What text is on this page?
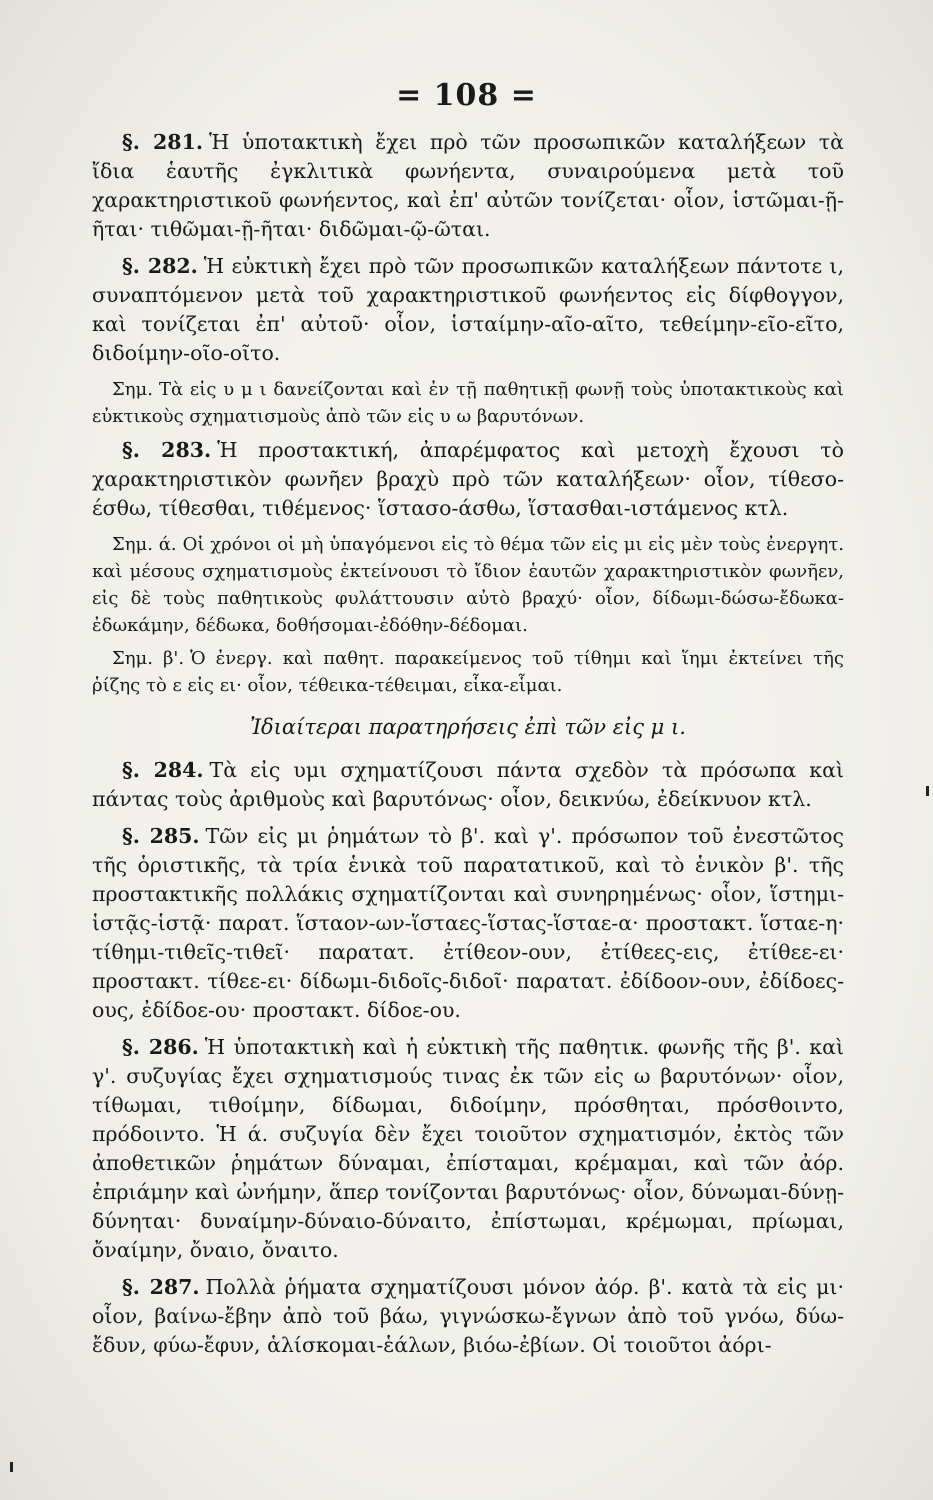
= 108 =

§. 281. Ἡ ὑποτακτικὴ ἔχει πρὸ τῶν προσωπικῶν καταλήξεων τὰ ἴδια ἑαυτῆς ἐγκλιτικὰ φωνήεντα, συναιρούμενα μετὰ τοῦ χαρακτηριστικοῦ φωνήεντος, καὶ ἐπ' αὐτῶν τονίζεται· οἷον, ἱστῶμαι-ῇ-ῆται· τιθῶμαι-ῇ-ῆται· διδῶμαι-ῷ-ῶται.

§. 282. Ἡ εὐκτικὴ ἔχει πρὸ τῶν προσωπικῶν καταλήξεων πάντοτε ι, συναπτόμενον μετὰ τοῦ χαρακτηριστικοῦ φωνήεντος εἰς δίφθογγον, καὶ τονίζεται ἐπ' αὐτοῦ· οἷον, ἱσταίμην-αῖο-αῖτο, τεθείμην-εῖο-εῖτο, διδοίμην-οῖο-οῖτο.

Σημ. Τὰ εἰς υ μ ι δανείζονται καὶ ἐν τῇ παθητικῇ φωνῇ τοὺς ὑποτακτικοὺς καὶ εὐκτικοὺς σχηματισμοὺς ἀπὸ τῶν εἰς υ ω βαρυτόνων.

§. 283. Ἡ προστακτική, ἀπαρέμφατος καὶ μετοχὴ ἔχουσι τὸ χαρακτηριστικὸν φωνῆεν βραχὺ πρὸ τῶν καταλήξεων· οἷον, τίθεσο-έσθω, τίθεσθαι, τιθέμενος· ἵστασο-άσθω, ἵστασθαι-ιστάμενος κτλ.

Σημ. ά. Οἱ χρόνοι οἱ μὴ ὑπαγόμενοι εἰς τὸ θέμα τῶν εἰς μι εἰς μὲν τοὺς ἐνεργητ. καὶ μέσους σχηματισμοὺς ἐκτείνουσι τὸ ἴδιον ἑαυτῶν χαρακτηριστικὸν φωνῆεν, εἰς δὲ τοὺς παθητικοὺς φυλάττουσιν αὐτὸ βραχύ· οἷον, δίδωμι-δώσω-ἔδωκα-ἐδωκάμην, δέδωκα, δοθήσομαι-ἐδόθην-δέδομαι.

Σημ. β'. Ὁ ἐνεργ. καὶ παθητ. παρακείμενος τοῦ τίθημι καὶ ἵημι ἐκτείνει τῆς ῥίζης τὸ ε εἰς ει· οἷον, τέθεικα-τέθειμαι, εἷκα-εἷμαι.

Ἰδιαίτεραι παρατηρήσεις ἐπὶ τῶν εἰς μ ι.

§. 284. Τὰ εἰς υμι σχηματίζουσι πάντα σχεδὸν τὰ πρόσωπα καὶ πάντας τοὺς ἀριθμοὺς καὶ βαρυτόνως· οἷον, δεικνύω, ἐδείκνυον κτλ.

§. 285. Τῶν εἰς μι ῥημάτων τὸ β'. καὶ γ'. πρόσωπον τοῦ ἐνεστῶτος τῆς ὁριστικῆς, τὰ τρία ἑνικὰ τοῦ παρατατικοῦ, καὶ τὸ ἑνικὸν β'. τῆς προστακτικῆς πολλάκις σχηματίζονται καὶ συνηρημένως· οἷον, ἵστημι-ἱστᾷς-ἱστᾷ· παρατ. ἵσταον-ων-ἵσταες-ἵστας-ἵσταε-α· προστακτ. ἵσταε-η· τίθημι-τιθεῖς-τιθεῖ· παρατατ. ἐτίθεον-ουν, ἐτίθεες-εις, ἐτίθεε-ει· προστακτ. τίθεε-ει· δίδωμι-διδοῖς-διδοῖ· παρατατ. ἐδίδοον-ουν, ἐδίδοες-ους, ἐδίδοε-ου· προστακτ. δίδοε-ου.

§. 286. Ἡ ὑποτακτικὴ καὶ ἡ εὐκτικὴ τῆς παθητικ. φωνῆς τῆς β'. καὶ γ'. συζυγίας ἔχει σχηματισμούς τινας ἐκ τῶν εἰς ω βαρυτόνων· οἷον, τίθωμαι, τιθοίμην, δίδωμαι, διδοίμην, πρόσθηται, πρόσθοιντο, πρόδοιντο. Ἡ ά. συζυγία δὲν ἔχει τοιοῦτον σχηματισμόν, ἐκτὸς τῶν ἀποθετικῶν ῥημάτων δύναμαι, ἐπίσταμαι, κρέμαμαι, καὶ τῶν ἀόρ. ἐπριάμην καὶ ὠνήμην, ἅπερ τονίζονται βαρυτόνως· οἷον, δύνωμαι-δύνῃ-δύνηται· δυναίμην-δύναιο-δύναιτο, ἐπίστωμαι, κρέμωμαι, πρίωμαι, ὄναίμην, ὄναιο, ὄναιτο.

§. 287. Πολλὰ ῥήματα σχηματίζουσι μόνον ἀόρ. β'. κατὰ τὰ εἰς μι· οἷον, βαίνω-ἔβην ἀπὸ τοῦ βάω, γιγνώσκω-ἔγνων ἀπὸ τοῦ γνόω, δύω-ἔδυν, φύω-ἔφυν, ἁλίσκομαι-ἑάλων, βιόω-ἐβίων. Οἱ τοιοῦτοι ἀόρι-
